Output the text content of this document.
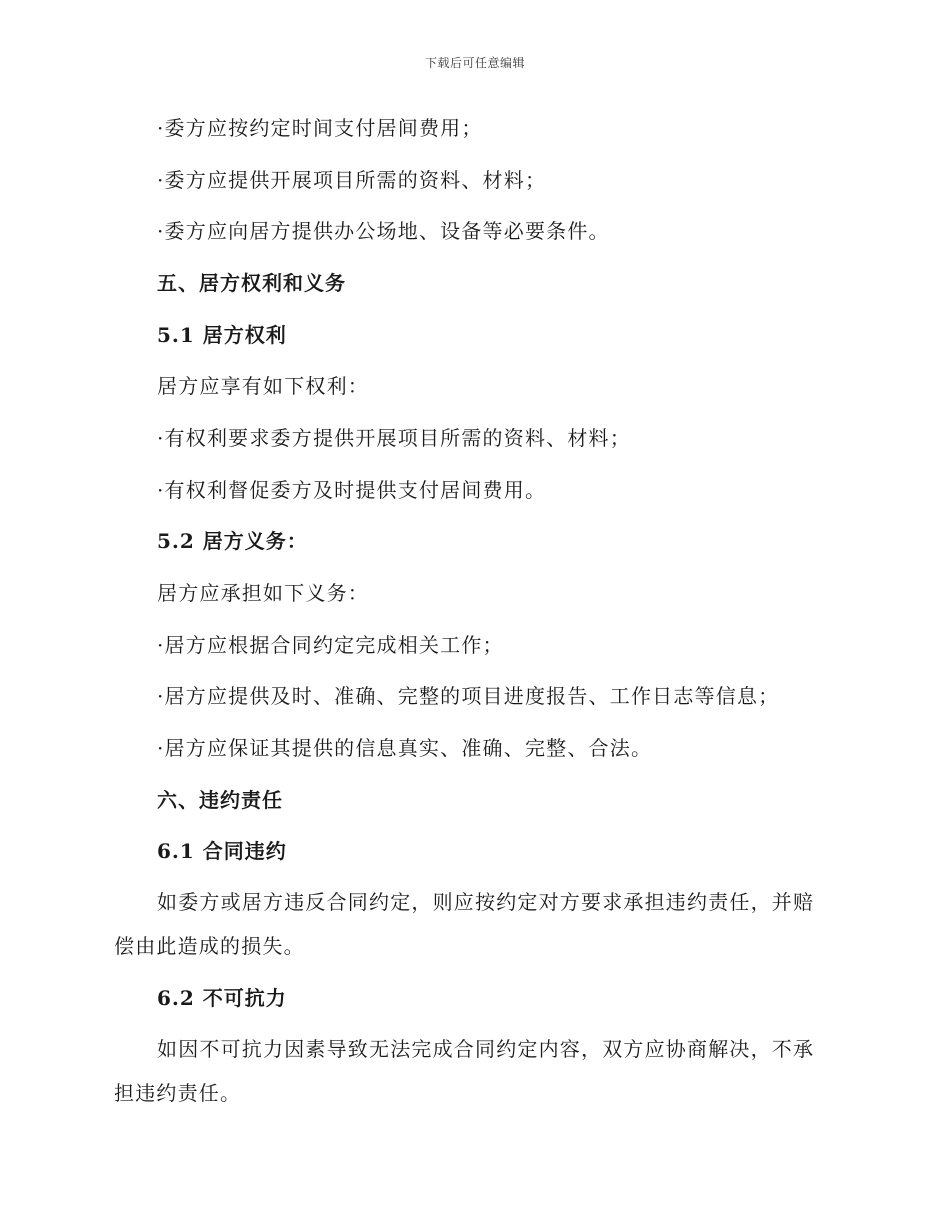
下载后可任意编辑
·委方应按约定时间支付居间费用；
·委方应提供开展项目所需的资料、材料；
·委方应向居方提供办公场地、设备等必要条件。
五、居方权利和义务
5.1 居方权利
居方应享有如下权利：
·有权利要求委方提供开展项目所需的资料、材料；
·有权利督促委方及时提供支付居间费用。
5.2 居方义务：
居方应承担如下义务：
·居方应根据合同约定完成相关工作；
·居方应提供及时、准确、完整的项目进度报告、工作日志等信息；
·居方应保证其提供的信息真实、准确、完整、合法。
六、违约责任
6.1 合同违约
如委方或居方违反合同约定，则应按约定对方要求承担违约责任，并赔偿由此造成的损失。
6.2 不可抗力
如因不可抗力因素导致无法完成合同约定内容，双方应协商解决，不承担违约责任。
